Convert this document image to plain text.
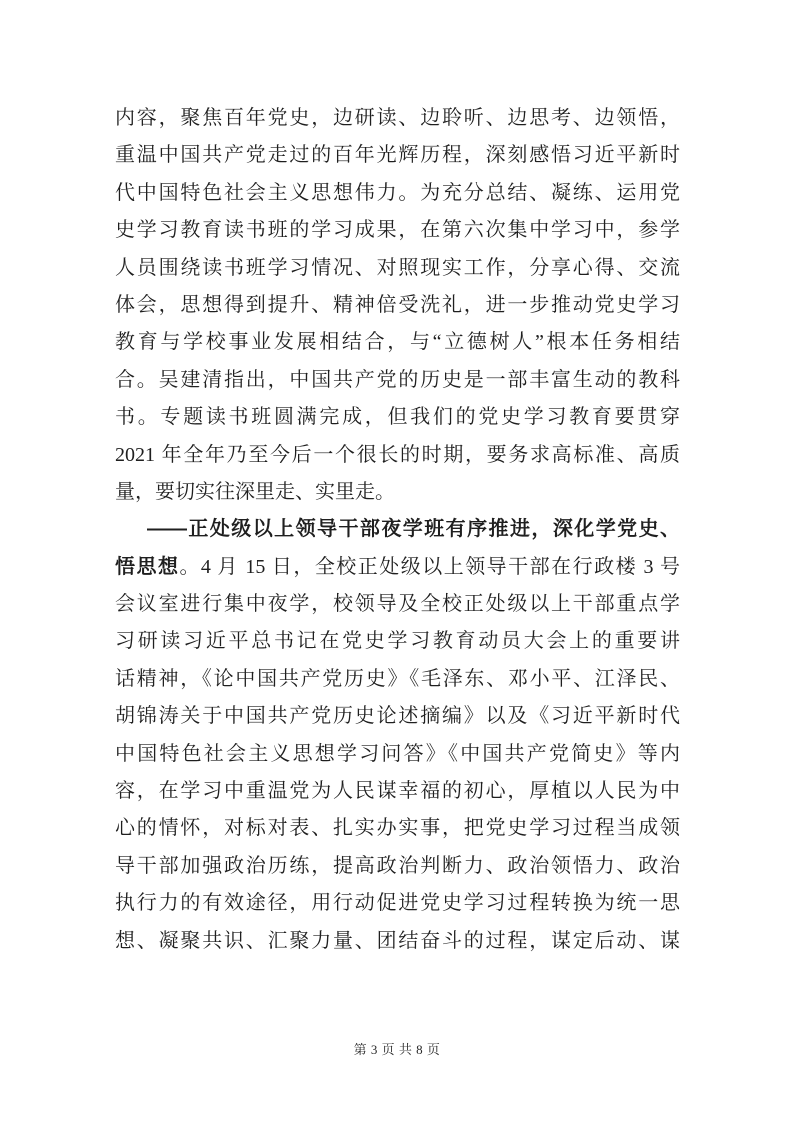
内容，聚焦百年党史，边研读、边聆听、边思考、边领悟，
重温中国共产党走过的百年光辉历程，深刻感悟习近平新时
代中国特色社会主义思想伟力。为充分总结、凝练、运用党
史学习教育读书班的学习成果，在第六次集中学习中，参学
人员围绕读书班学习情况、对照现实工作，分享心得、交流
体会，思想得到提升、精神倍受洗礼，进一步推动党史学习
教育与学校事业发展相结合，与“立德树人”根本任务相结
合。吴建清指出，中国共产党的历史是一部丰富生动的教科
书。专题读书班圆满完成，但我们的党史学习教育要贯穿
2021 年全年乃至今后一个很长的时期，要务求高标准、高质
量，要切实往深里走、实里走。
——正处级以上领导干部夜学班有序推进，深化学党史、
悟思想。4 月 15 日，全校正处级以上领导干部在行政楼 3 号
会议室进行集中夜学，校领导及全校正处级以上干部重点学
习研读习近平总书记在党史学习教育动员大会上的重要讲
话精神，《论中国共产党历史》《毛泽东、邓小平、江泽民、
胡锦涛关于中国共产党历史论述摘编》以及《习近平新时代
中国特色社会主义思想学习问答》《中国共产党简史》等内
容，在学习中重温党为人民谋幸福的初心，厚植以人民为中
心的情怀，对标对表、扎实办实事，把党史学习过程当成领
导干部加强政治历练，提高政治判断力、政治领悟力、政治
执行力的有效途径，用行动促进党史学习过程转换为统一思
想、凝聚共识、汇聚力量、团结奋斗的过程，谋定后动、谋
第 3 页 共 8 页
